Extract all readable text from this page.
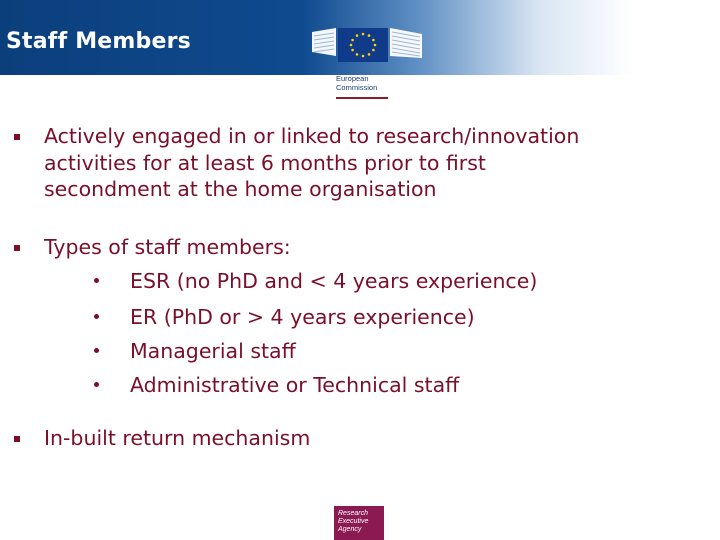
Staff Members
European
Commission
Actively engaged in or linked to research/innovation
activities for at least 6 months prior to first
secondment at the home organisation
Types of staff members:
ESR (no PhD and < 4 years experience)
ER (PhD or > 4 years experience)
Managerial staff
Administrative or Technical staff
In-built return mechanism
Research
Executive
Agency
